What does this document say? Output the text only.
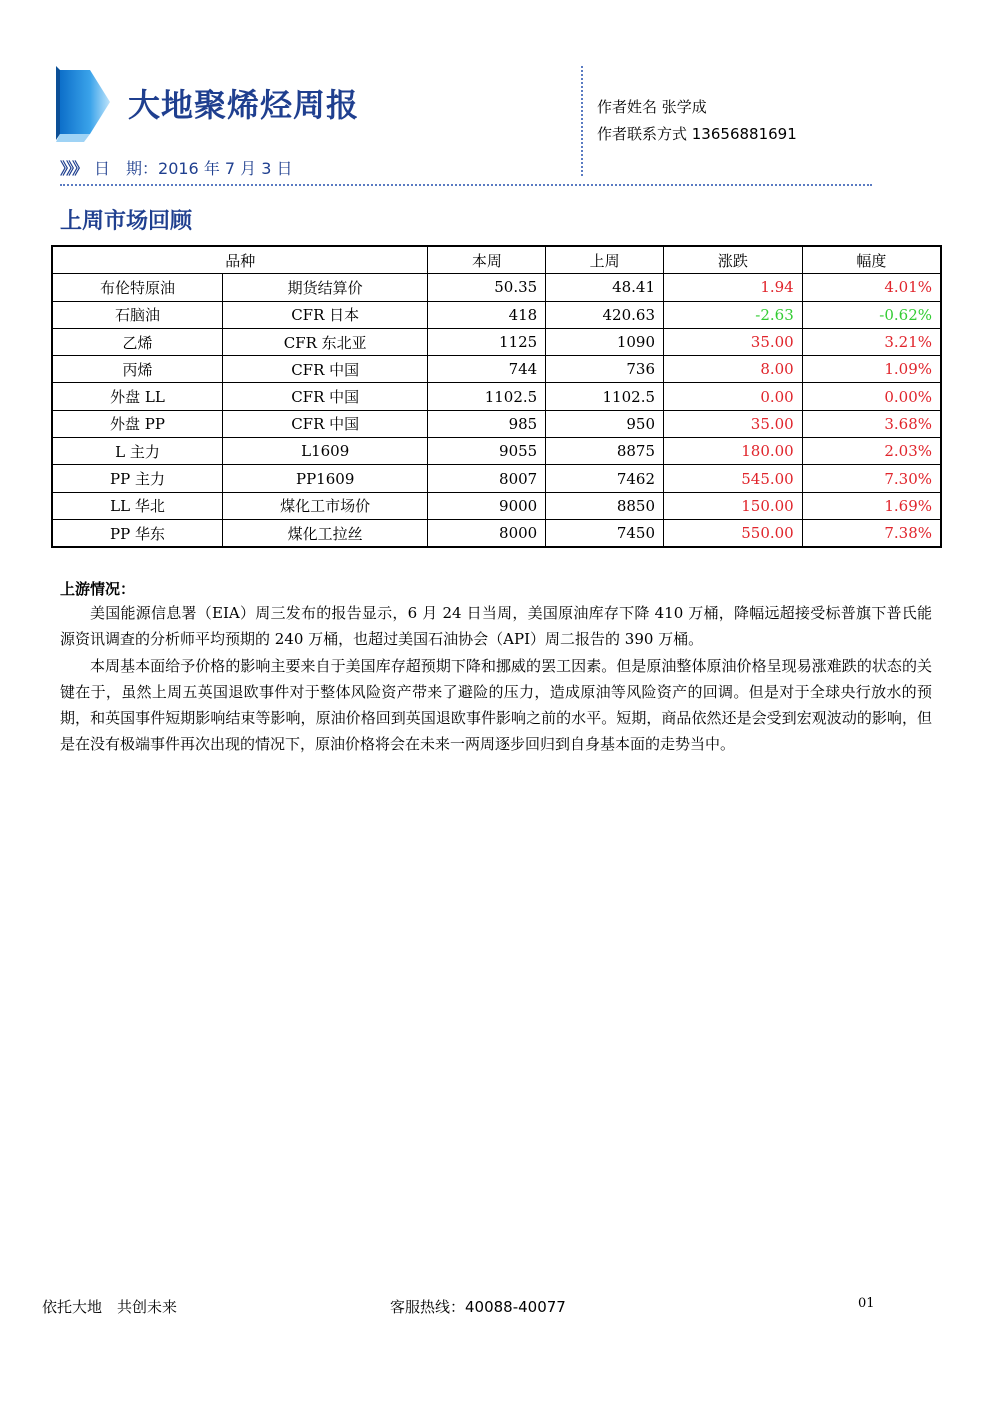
大地聚烯烃周报
》》》 日　期：2016 年 7 月 3 日
作者姓名 张学成
作者联系方式 13656881691
上周市场回顾
品种		本周	上周	涨跌	幅度
布伦特原油	期货结算价	50.35	48.41	1.94	4.01%
石脑油	CFR 日本	418	420.63	-2.63	-0.62%
乙烯	CFR 东北亚	1125	1090	35.00	3.21%
丙烯	CFR 中国	744	736	8.00	1.09%
外盘 LL	CFR 中国	1102.5	1102.5	0.00	0.00%
外盘 PP	CFR 中国	985	950	35.00	3.68%
L 主力	L1609	9055	8875	180.00	2.03%
PP 主力	PP1609	8007	7462	545.00	7.30%
LL 华北	煤化工市场价	9000	8850	150.00	1.69%
PP 华东	煤化工拉丝	8000	7450	550.00	7.38%
上游情况：

美国能源信息署（EIA）周三发布的报告显示，6 月 24 日当周，美国原油库存下降 410 万桶，降幅远超接受标普旗下普氏能源资讯调查的分析师平均预期的 240 万桶，也超过美国石油协会（API）周二报告的 390 万桶。

本周基本面给予价格的影响主要来自于美国库存超预期下降和挪威的罢工因素。但是原油整体原油价格呈现易涨难跌的状态的关键在于，虽然上周五英国退欧事件对于整体风险资产带来了避险的压力，造成原油等风险资产的回调。但是对于全球央行放水的预期，和英国事件短期影响结束等影响，原油价格回到英国退欧事件影响之前的水平。短期，商品依然还是会受到宏观波动的影响，但是在没有极端事件再次出现的情况下，原油价格将会在未来一两周逐步回归到自身基本面的走势当中。

依托大地　共创未来	客服热线：40088-40077	01
